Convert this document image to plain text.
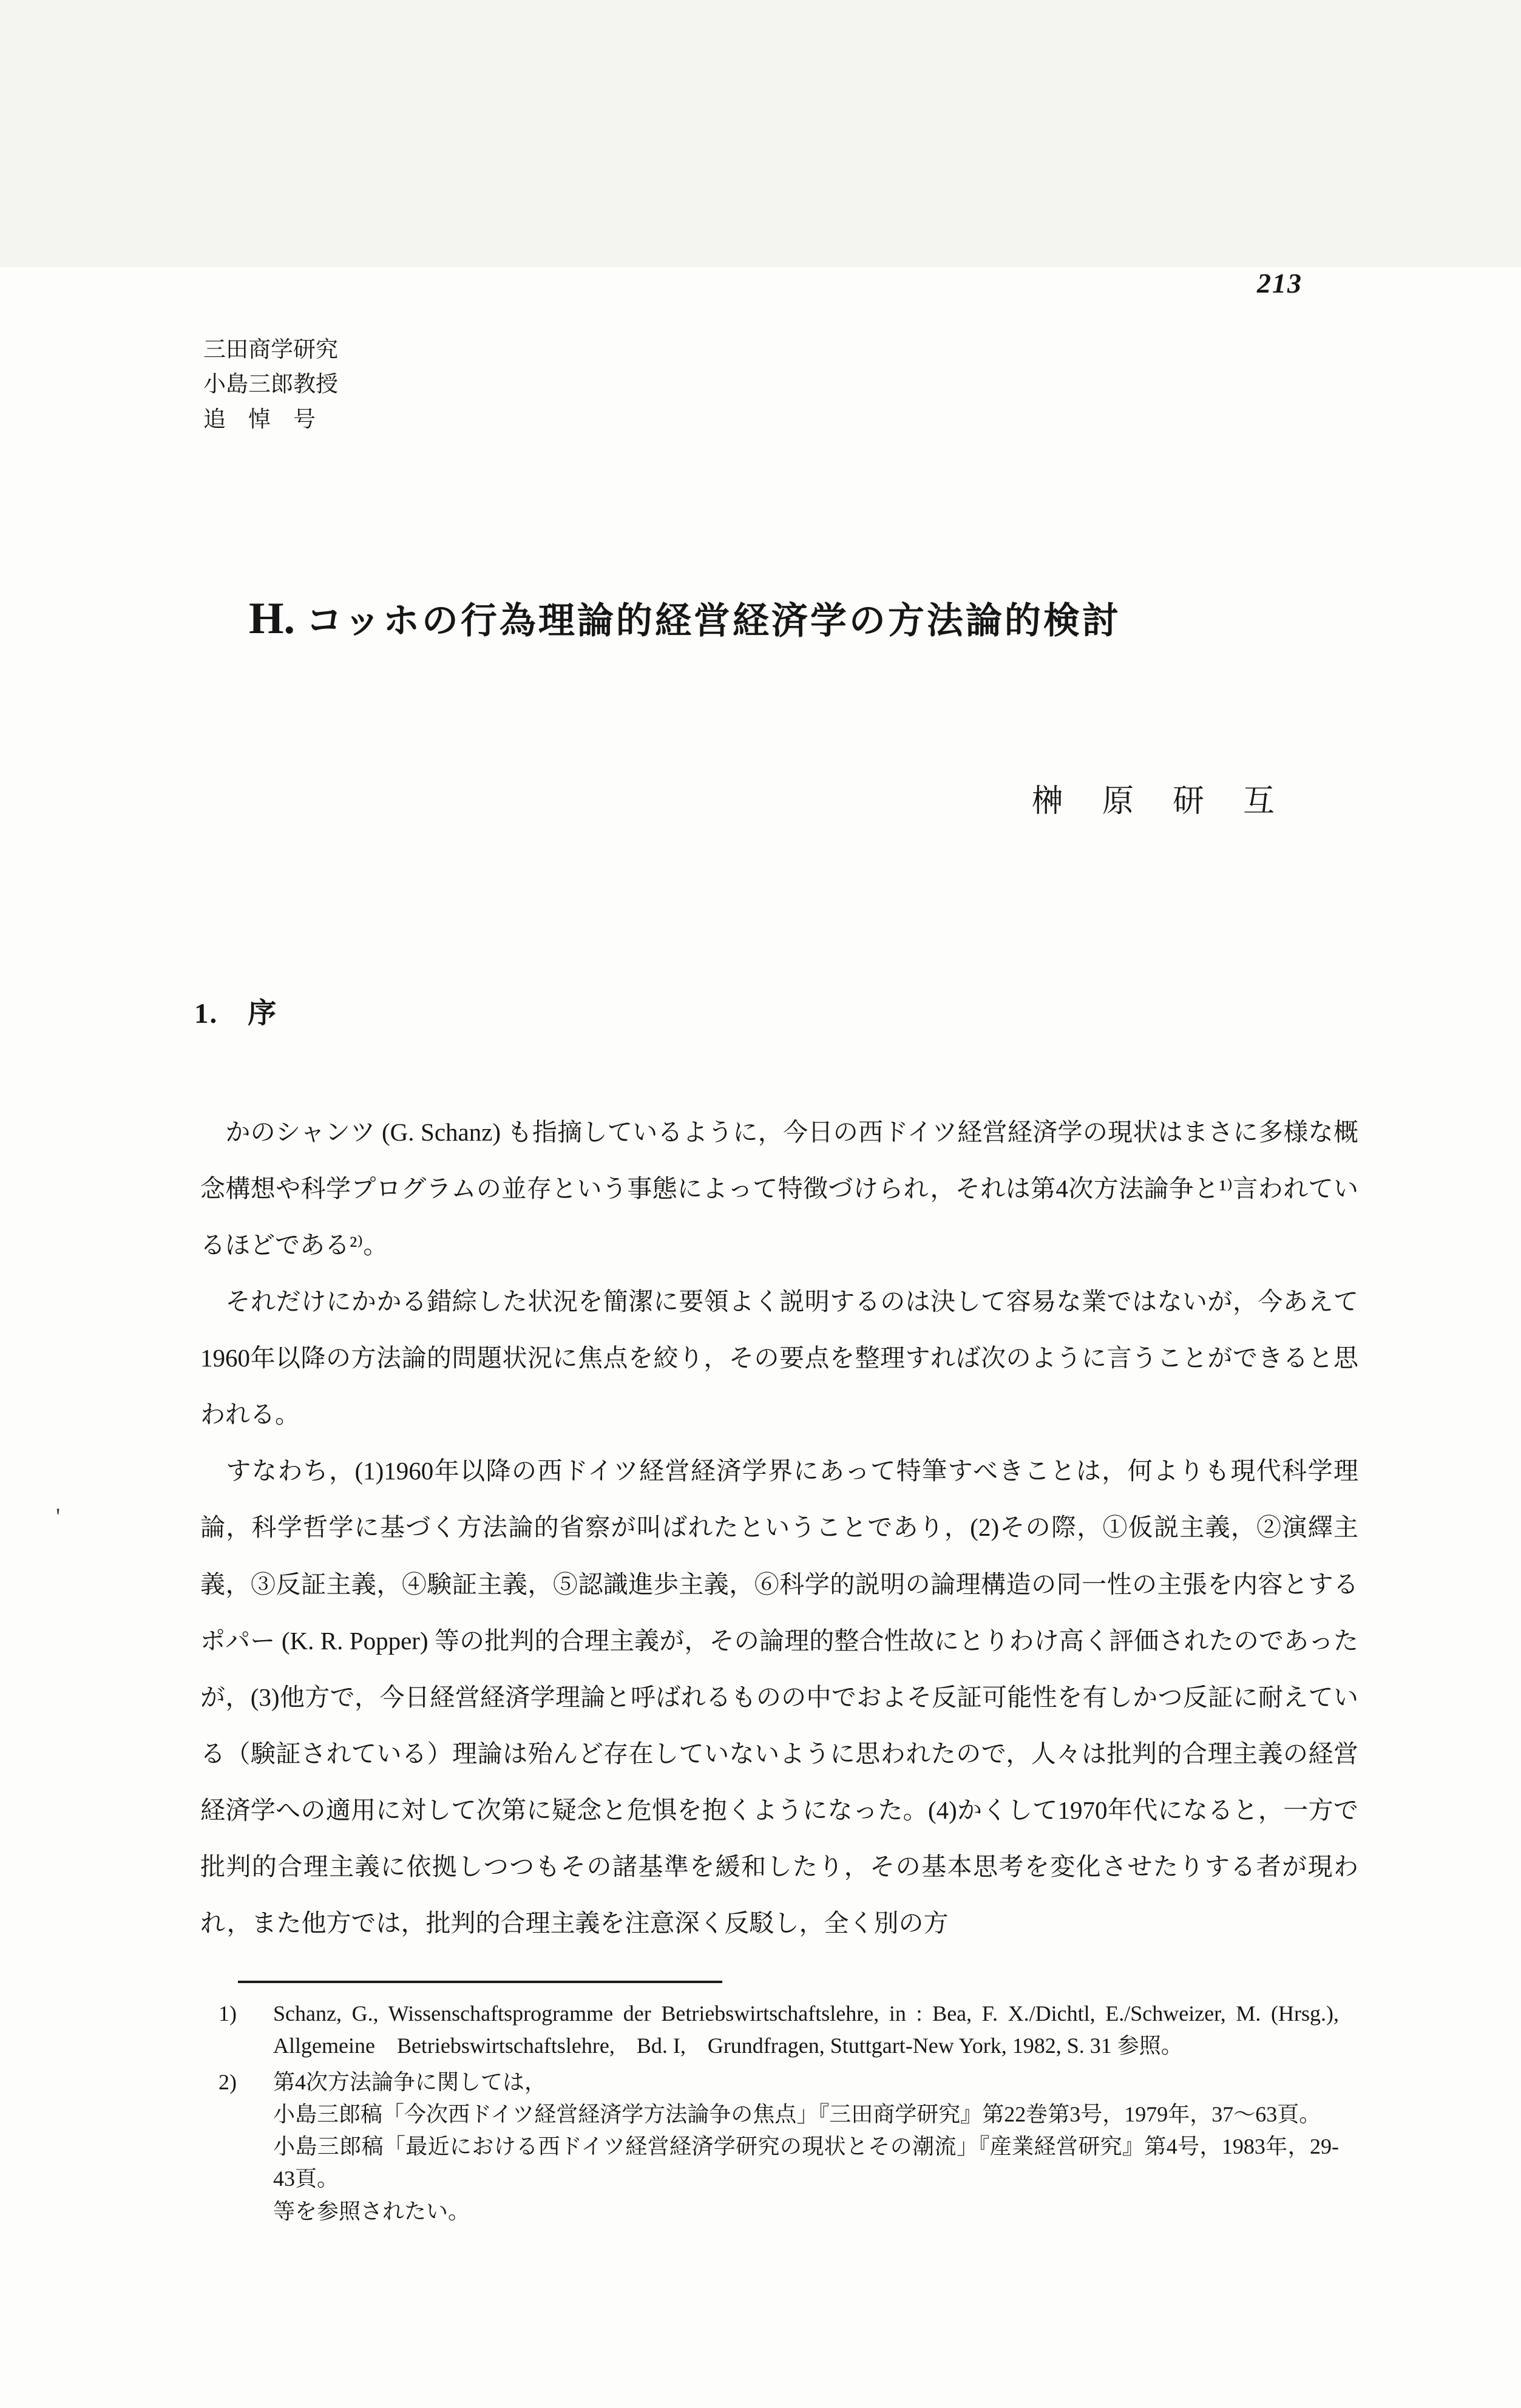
213
三田商学研究
小島三郎教授
追　悼　号
H. コッホの行為理論的経営経済学の方法論的検討
榊　原　研　互
1.　序

　かのシャンツ (G. Schanz) も指摘しているように，今日の西ドイツ経営経済学の現状はまさに多様な概念構想や科学プログラムの並存という事態によって特徴づけられ，それは第4次方法論争と¹⁾言われているほどである²⁾。

　それだけにかかる錯綜した状況を簡潔に要領よく説明するのは決して容易な業ではないが，今あえて1960年以降の方法論的問題状況に焦点を絞り，その要点を整理すれば次のように言うことができると思われる。

　すなわち，(1)1960年以降の西ドイツ経営経済学界にあって特筆すべきことは，何よりも現代科学理論，科学哲学に基づく方法論的省察が叫ばれたということであり，(2)その際，①仮説主義，②演繹主義，③反証主義，④験証主義，⑤認識進歩主義，⑥科学的説明の論理構造の同一性の主張を内容とするポパー (K. R. Popper) 等の批判的合理主義が，その論理的整合性故にとりわけ高く評価されたのであったが，(3)他方で，今日経営経済学理論と呼ばれるものの中でおよそ反証可能性を有しかつ反証に耐えている（験証されている）理論は殆んど存在していないように思われたので，人々は批判的合理主義の経営経済学への適用に対して次第に疑念と危惧を抱くようになった。(4)かくして1970年代になると，一方で批判的合理主義に依拠しつつもその諸基準を緩和したり，その基本思考を変化させたりする者が現われ，また他方では，批判的合理主義を注意深く反駁し，全く別の方

1)	Schanz, G., Wissenschaftsprogramme der Betriebswirtschaftslehre, in : Bea, F. X./Dichtl, E./Schweizer, M. (Hrsg.),　Allgemeine　Betriebswirtschaftslehre,　Bd. I,　Grundfragen, Stuttgart-New York, 1982, S. 31 参照。

2)	第4次方法論争に関しては，

小島三郎稿「今次西ドイツ経営経済学方法論争の焦点」『三田商学研究』第22巻第3号，1979年，37〜63頁。

小島三郎稿「最近における西ドイツ経営経済学研究の現状とその潮流」『産業経営研究』第4号，1983年，29-43頁。

等を参照されたい。

'
